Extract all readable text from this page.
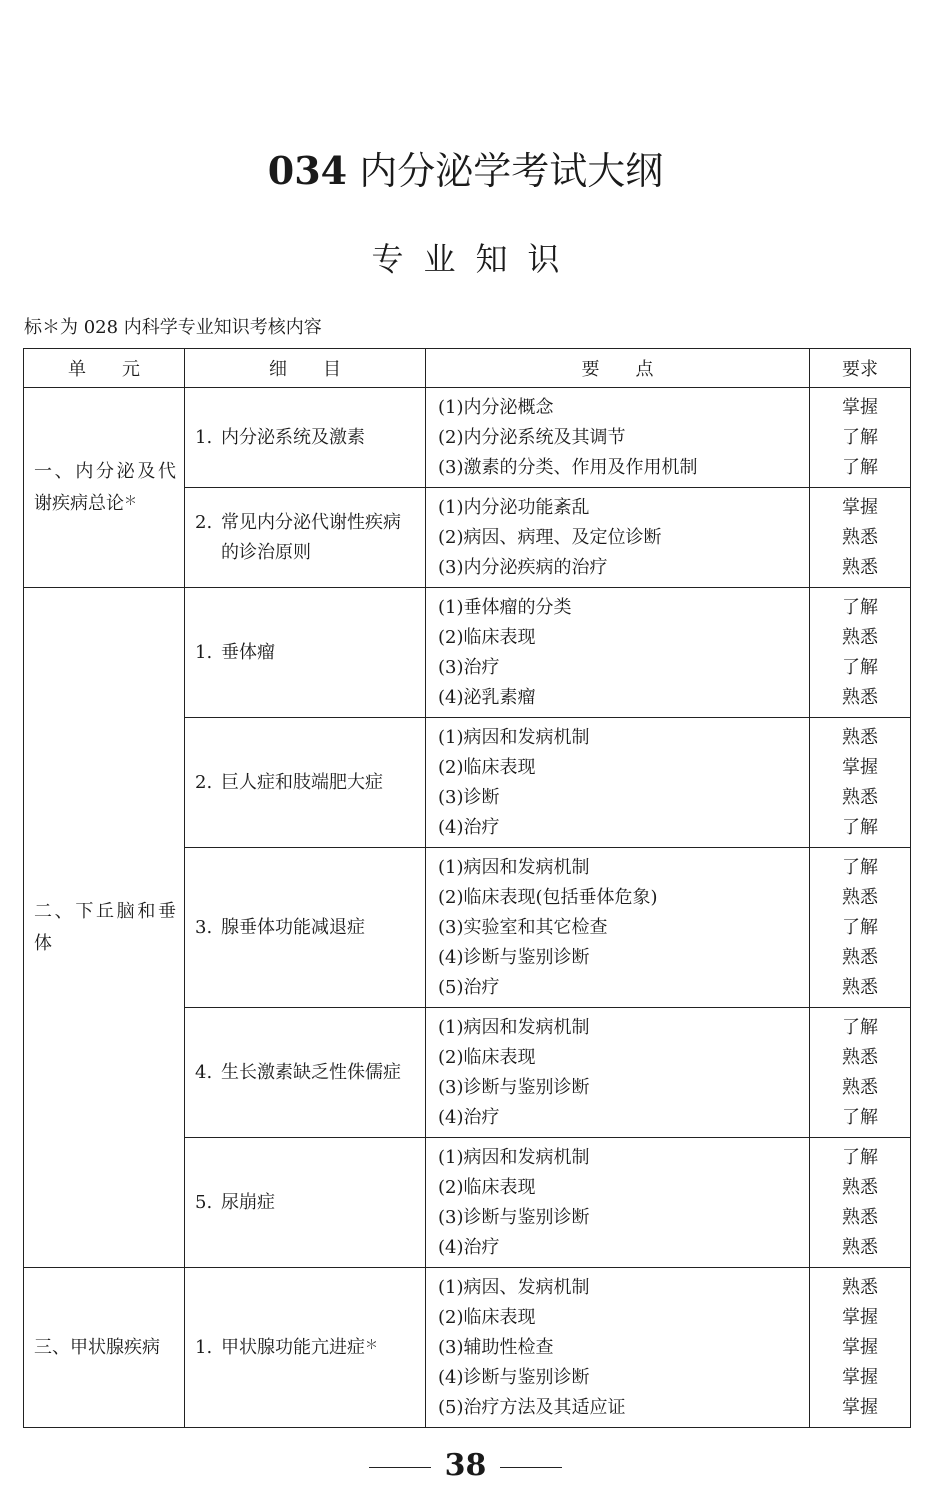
034 内分泌学考试大纲
专业知识
标＊为 028 内科学专业知识考核内容
单　　元	细　　目	要　　点	要求
一、内分泌及代谢疾病总论＊	1. 内分泌系统及激素	(1)内分泌概念
(2)内分泌系统及其调节
(3)激素的分类、作用及作用机制	掌握
了解
了解

	2. 常见内分泌代谢性疾病的诊治原则	(1)内分泌功能紊乱
(2)病因、病理、及定位诊断
(3)内分泌疾病的治疗	掌握
熟悉
熟悉

二、下丘脑和垂体	1. 垂体瘤	(1)垂体瘤的分类
(2)临床表现
(3)治疗
(4)泌乳素瘤	了解
熟悉
了解
熟悉

	2. 巨人症和肢端肥大症	(1)病因和发病机制
(2)临床表现
(3)诊断
(4)治疗	熟悉
掌握
熟悉
了解

	3. 腺垂体功能减退症	(1)病因和发病机制
(2)临床表现(包括垂体危象)
(3)实验室和其它检查
(4)诊断与鉴别诊断
(5)治疗	了解
熟悉
了解
熟悉
熟悉

	4. 生长激素缺乏性侏儒症	(1)病因和发病机制
(2)临床表现
(3)诊断与鉴别诊断
(4)治疗	了解
熟悉
熟悉
了解

	5. 尿崩症	(1)病因和发病机制
(2)临床表现
(3)诊断与鉴别诊断
(4)治疗	了解
熟悉
熟悉
熟悉

三、甲状腺疾病	1. 甲状腺功能亢进症＊	(1)病因、发病机制
(2)临床表现
(3)辅助性检查
(4)诊断与鉴别诊断
(5)治疗方法及其适应证	熟悉
掌握
掌握
掌握
掌握
38
